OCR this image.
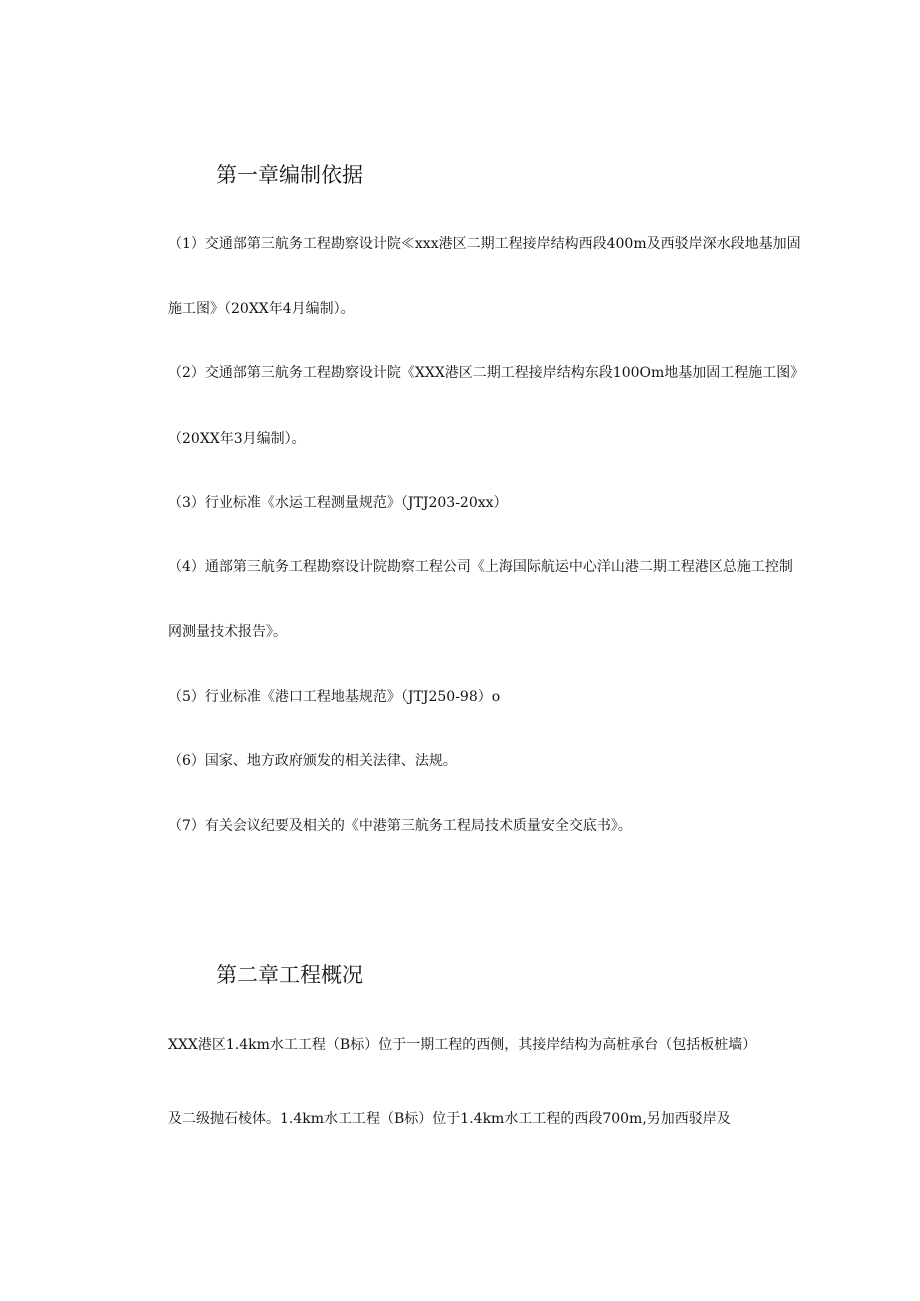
第一章编制依据
（1）交通部第三航务工程勘察设计院≪xxx港区二期工程接岸结构西段400m及西驳岸深水段地基加固
施工图》（20XX年4月编制）。
（2）交通部第三航务工程勘察设计院《XXX港区二期工程接岸结构东段100Om地基加固工程施工图》
（20XX年3月编制）。
（3）行业标准《水运工程测量规范》（JTJ203-20xx）
（4）通部第三航务工程勘察设计院勘察工程公司《上海国际航运中心洋山港二期工程港区总施工控制
网测量技术报告》。
（5）行业标准《港口工程地基规范》（JTJ250-98）o
（6）国家、地方政府颁发的相关法律、法规。
（7）有关会议纪要及相关的《中港第三航务工程局技术质量安全交底书》。
第二章工程概况
XXX港区1.4km水工工程（B标）位于一期工程的西侧，其接岸结构为高桩承台（包括板桩墙）
及二级抛石棱体。1.4km水工工程（B标）位于1.4km水工工程的西段700m,另加西驳岸及
